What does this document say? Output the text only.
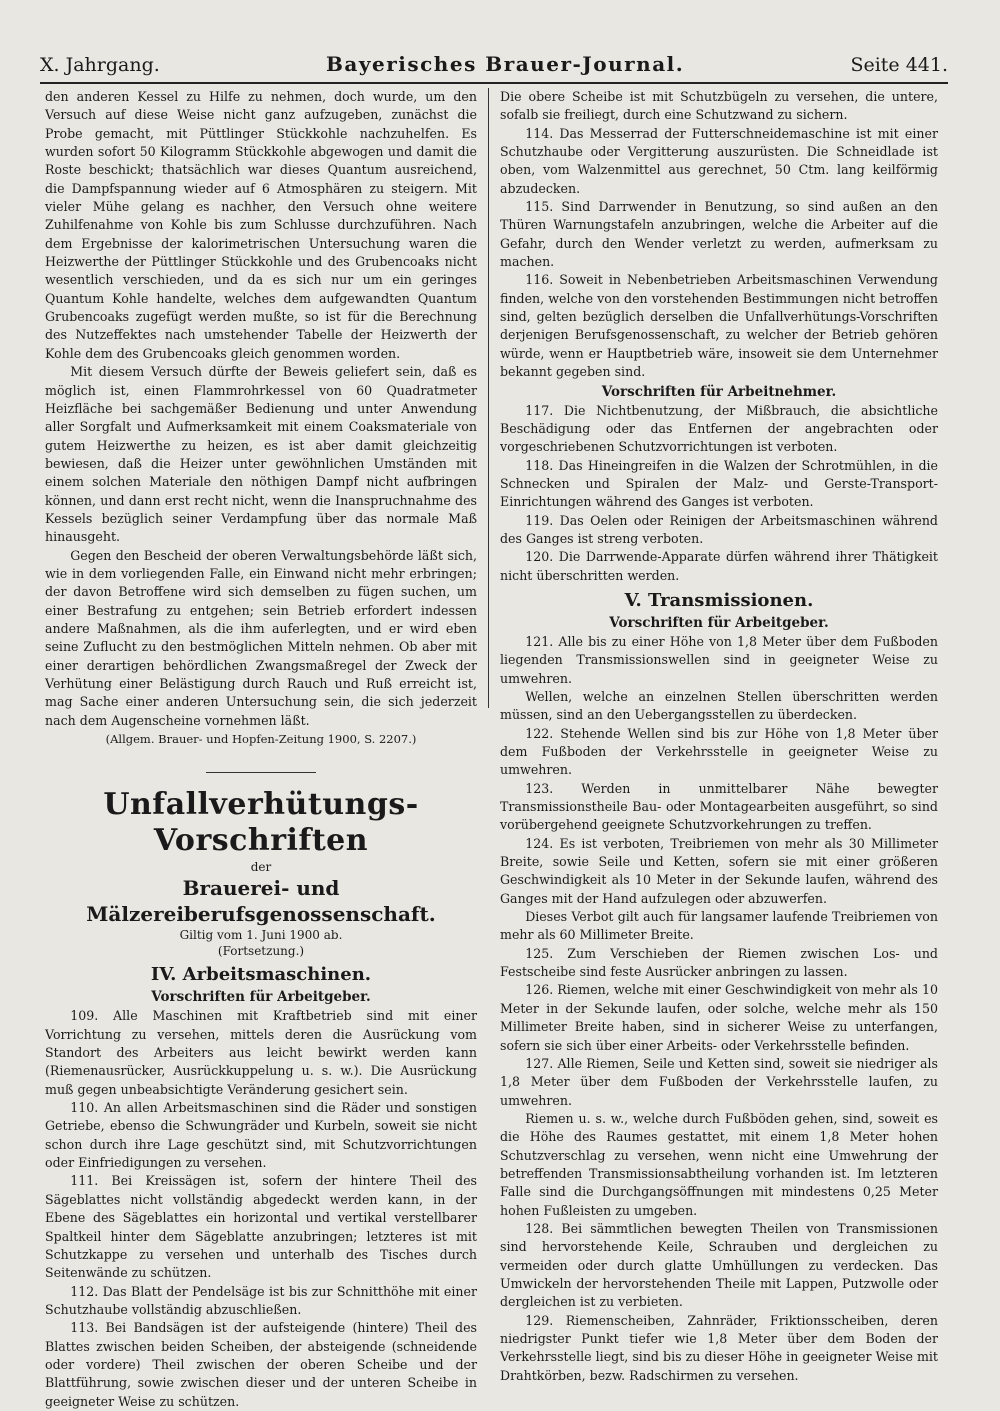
X. Jahrgang.	Bayerisches Brauer-Journal.	Seite 441.

den anderen Kessel zu Hilfe zu nehmen, doch wurde, um den Versuch auf diese Weise nicht ganz aufzugeben, zunächst die Probe gemacht, mit Püttlinger Stückkohle nachzuhelfen. Es wurden sofort 50 Kilogramm Stückkohle abgewogen und damit die Roste beschickt; thatsächlich war dieses Quantum ausreichend, die Dampfspannung wieder auf 6 Atmosphären zu steigern. Mit vieler Mühe gelang es nachher, den Versuch ohne weitere Zuhilfenahme von Kohle bis zum Schlusse durchzuführen. Nach dem Ergebnisse der kalorimetrischen Untersuchung waren die Heizwerthe der Püttlinger Stückkohle und des Grubencoaks nicht wesentlich verschieden, und da es sich nur um ein geringes Quantum Kohle handelte, welches dem aufgewandten Quantum Grubencoaks zugefügt werden mußte, so ist für die Berechnung des Nutzeffektes nach umstehender Tabelle der Heizwerth der Kohle dem des Grubencoaks gleich genommen worden.

Mit diesem Versuch dürfte der Beweis geliefert sein, daß es möglich ist, einen Flammrohrkessel von 60 Quadratmeter Heizfläche bei sachgemäßer Bedienung und unter Anwendung aller Sorgfalt und Aufmerksamkeit mit einem Coaksmateriale von gutem Heizwerthe zu heizen, es ist aber damit gleichzeitig bewiesen, daß die Heizer unter gewöhnlichen Umständen mit einem solchen Materiale den nöthigen Dampf nicht aufbringen können, und dann erst recht nicht, wenn die Inanspruchnahme des Kessels bezüglich seiner Verdampfung über das normale Maß hinausgeht.

Gegen den Bescheid der oberen Verwaltungsbehörde läßt sich, wie in dem vorliegenden Falle, ein Einwand nicht mehr erbringen; der davon Betroffene wird sich demselben zu fügen suchen, um einer Bestrafung zu entgehen; sein Betrieb erfordert indessen andere Maßnahmen, als die ihm auferlegten, und er wird eben seine Zuflucht zu den bestmöglichen Mitteln nehmen. Ob aber mit einer derartigen behördlichen Zwangsmaßregel der Zweck der Verhütung einer Belästigung durch Rauch und Ruß erreicht ist, mag Sache einer anderen Untersuchung sein, die sich jederzeit nach dem Augenscheine vornehmen läßt.

(Allgem. Brauer- und Hopfen-Zeitung 1900, S. 2207.)

Unfallverhütungs-Vorschriften
der
Brauerei- und Mälzereiberufsgenossenschaft.
Giltig vom 1. Juni 1900 ab.
(Fortsetzung.)
IV. Arbeitsmaschinen.
Vorschriften für Arbeitgeber.

109. Alle Maschinen mit Kraftbetrieb sind mit einer Vorrichtung zu versehen, mittels deren die Ausrückung vom Standort des Arbeiters aus leicht bewirkt werden kann (Riemenausrücker, Ausrückkuppelung u. s. w.). Die Ausrückung muß gegen unbeabsichtigte Veränderung gesichert sein.

110. An allen Arbeitsmaschinen sind die Räder und sonstigen Getriebe, ebenso die Schwungräder und Kurbeln, soweit sie nicht schon durch ihre Lage geschützt sind, mit Schutzvorrichtungen oder Einfriedigungen zu versehen.

111. Bei Kreissägen ist, sofern der hintere Theil des Sägeblattes nicht vollständig abgedeckt werden kann, in der Ebene des Sägeblattes ein horizontal und vertikal verstellbarer Spaltkeil hinter dem Sägeblatte anzubringen; letzteres ist mit Schutzkappe zu versehen und unterhalb des Tisches durch Seitenwände zu schützen.

112. Das Blatt der Pendelsäge ist bis zur Schnitthöhe mit einer Schutzhaube vollständig abzuschließen.

113. Bei Bandsägen ist der aufsteigende (hintere) Theil des Blattes zwischen beiden Scheiben, der absteigende (schneidende oder vordere) Theil zwischen der oberen Scheibe und der Blattführung, sowie zwischen dieser und der unteren Scheibe in geeigneter Weise zu schützen.

Die obere Scheibe ist mit Schutzbügeln zu versehen, die untere, sofalb sie freiliegt, durch eine Schutzwand zu sichern.

114. Das Messerrad der Futterschneidemaschine ist mit einer Schutzhaube oder Vergitterung auszurüsten. Die Schneidlade ist oben, vom Walzenmittel aus gerechnet, 50 Ctm. lang keilförmig abzudecken.

115. Sind Darrwender in Benutzung, so sind außen an den Thüren Warnungstafeln anzubringen, welche die Arbeiter auf die Gefahr, durch den Wender verletzt zu werden, aufmerksam zu machen.

116. Soweit in Nebenbetrieben Arbeitsmaschinen Verwendung finden, welche von den vorstehenden Bestimmungen nicht betroffen sind, gelten bezüglich derselben die Unfallverhütungs-Vorschriften derjenigen Berufsgenossenschaft, zu welcher der Betrieb gehören würde, wenn er Hauptbetrieb wäre, insoweit sie dem Unternehmer bekannt gegeben sind.

Vorschriften für Arbeitnehmer.

117. Die Nichtbenutzung, der Mißbrauch, die absichtliche Beschädigung oder das Entfernen der angebrachten oder vorgeschriebenen Schutzvorrichtungen ist verboten.

118. Das Hineingreifen in die Walzen der Schrotmühlen, in die Schnecken und Spiralen der Malz- und Gerste-Transport-Einrichtungen während des Ganges ist verboten.

119. Das Oelen oder Reinigen der Arbeitsmaschinen während des Ganges ist streng verboten.

120. Die Darrwende-Apparate dürfen während ihrer Thätigkeit nicht überschritten werden.

V. Transmissionen.
Vorschriften für Arbeitgeber.

121. Alle bis zu einer Höhe von 1,8 Meter über dem Fußboden liegenden Transmissionswellen sind in geeigneter Weise zu umwehren.

Wellen, welche an einzelnen Stellen überschritten werden müssen, sind an den Uebergangsstellen zu überdecken.

122. Stehende Wellen sind bis zur Höhe von 1,8 Meter über dem Fußboden der Verkehrsstelle in geeigneter Weise zu umwehren.

123. Werden in unmittelbarer Nähe bewegter Transmissionstheile Bau- oder Montagearbeiten ausgeführt, so sind vorübergehend geeignete Schutzvorkehrungen zu treffen.

124. Es ist verboten, Treibriemen von mehr als 30 Millimeter Breite, sowie Seile und Ketten, sofern sie mit einer größeren Geschwindigkeit als 10 Meter in der Sekunde laufen, während des Ganges mit der Hand aufzulegen oder abzuwerfen.

Dieses Verbot gilt auch für langsamer laufende Treibriemen von mehr als 60 Millimeter Breite.

125. Zum Verschieben der Riemen zwischen Los- und Festscheibe sind feste Ausrücker anbringen zu lassen.

126. Riemen, welche mit einer Geschwindigkeit von mehr als 10 Meter in der Sekunde laufen, oder solche, welche mehr als 150 Millimeter Breite haben, sind in sicherer Weise zu unterfangen, sofern sie sich über einer Arbeits- oder Verkehrsstelle befinden.

127. Alle Riemen, Seile und Ketten sind, soweit sie niedriger als 1,8 Meter über dem Fußboden der Verkehrsstelle laufen, zu umwehren.

Riemen u. s. w., welche durch Fußböden gehen, sind, soweit es die Höhe des Raumes gestattet, mit einem 1,8 Meter hohen Schutzverschlag zu versehen, wenn nicht eine Umwehrung der betreffenden Transmissionsabtheilung vorhanden ist. Im letzteren Falle sind die Durchgangsöffnungen mit mindestens 0,25 Meter hohen Fußleisten zu umgeben.

128. Bei sämmtlichen bewegten Theilen von Transmissionen sind hervorstehende Keile, Schrauben und dergleichen zu vermeiden oder durch glatte Umhüllungen zu verdecken. Das Umwickeln der hervorstehenden Theile mit Lappen, Putzwolle oder dergleichen ist zu verbieten.

129. Riemenscheiben, Zahnräder, Friktionsscheiben, deren niedrigster Punkt tiefer wie 1,8 Meter über dem Boden der Verkehrsstelle liegt, sind bis zu dieser Höhe in geeigneter Weise mit Drahtkörben, bezw. Radschirmen zu versehen.
